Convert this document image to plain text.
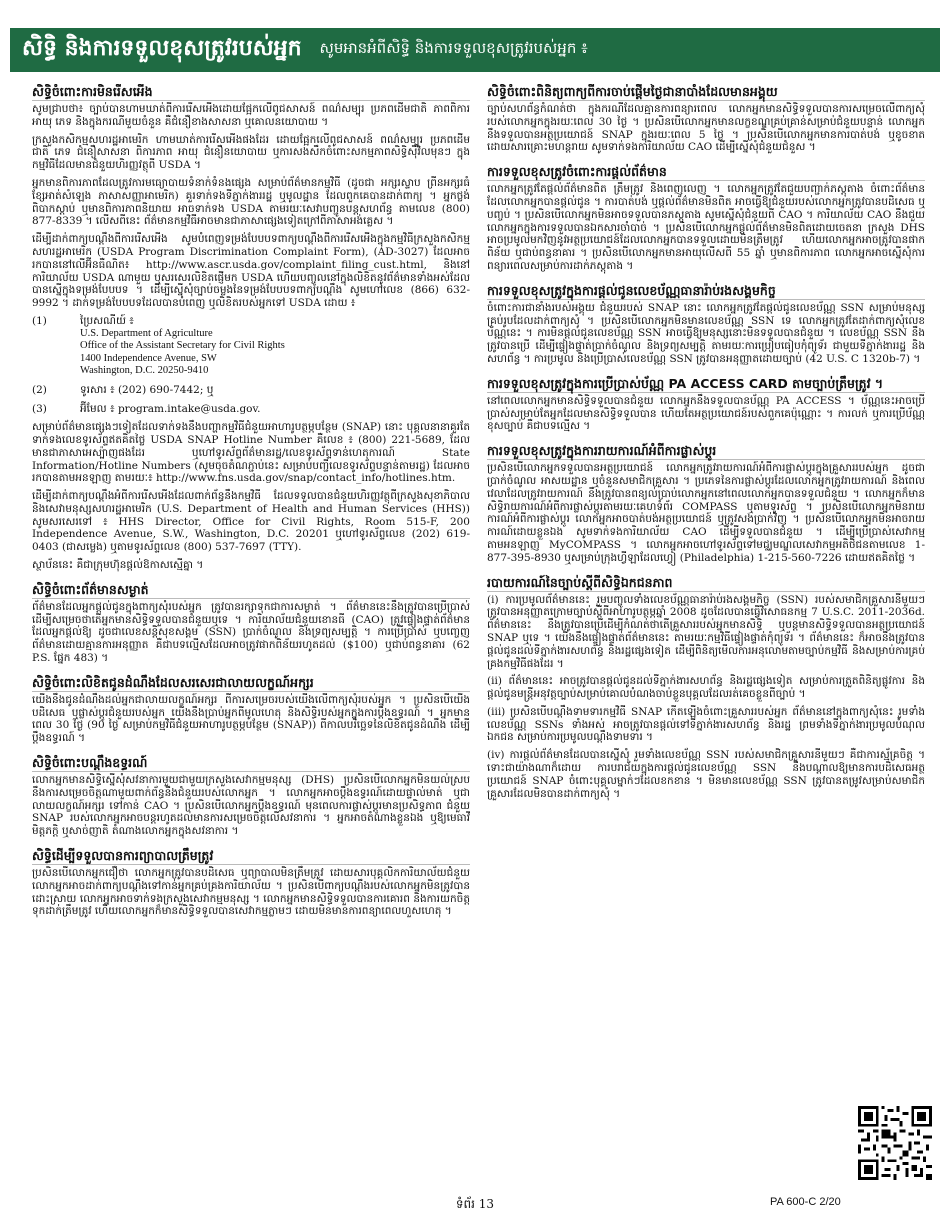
សិទ្ធិ និងការទទួលខុសត្រូវរបស់អ្នក សូមអានអំពីសិទ្ធិ និងការទទួលខុសត្រូវរបស់អ្នក ៖
សិទ្ធិចំពោះការមិនរើសអើង

សូមជ្រាបថា៖ ច្បាប់បានហាមឃាត់ពីការរើសអើងដោយផ្អែកលើពូជសាសន៍ ពណ៌សម្បុរ ប្រភពដើមជាតិ ភាពពិការ អាយុ ភេទ និងក្នុងករណីមួយចំនួន គឺជំនឿខាងសាសនា ឬគោលនយោបាយ ។

ក្រសួងកសិកម្មសហរដ្ឋអាមេរិក ហាមឃាត់ការរើសអើងផងដែរ ដោយផ្អែកលើពូជសាសន៍ ពណ៌សម្បុរ ប្រភពដើមជាតិ ភេទ ជំនឿសាសនា ពិការភាព អាយុ ជំនឿនយោបាយ ឬការសងសឹកចំពោះសកម្មភាពសិទ្ធិស៊ីវិលមុនៗ ក្នុងកម្មវិធីដែលមានជំនួយហិរញ្ញវត្ថុពី USDA ។

អ្នកមានពិការភាពដែលត្រូវការមធ្យោបាយទំនាក់ទំនងផ្សេង សម្រាប់ព័ត៌មានកម្មវិធី (ដូចជា អក្សរស្ទាប ព្រីនអក្សរធំ ខ្សែអាត់សំឡេង ភាសាសញ្ញាអាមេរិក) គួរទាក់ទងទីភ្នាក់ងាររដ្ឋ ឬមូលដ្ឋាន ដែលពួកគេបានដាក់ពាក្យ ។ អ្នកថ្លង់ ពិបាកស្តាប់ ឬមានពិការភាពនិយាយ អាចទាក់ទង USDA តាមរយៈសេវាបញ្ជូនបន្តសហព័ន្ធ តាមលេខ (800) 877-8339 ។ លើសពីនេះ ព័ត៌មានកម្មវិធីអាចមានជាភាសាផ្សេងទៀតក្រៅពីភាសាអង់គ្លេស ។

ដើម្បីដាក់ពាក្យបណ្តឹងពីការរើសអើង សូមបំពេញទម្រង់បែបបទពាក្យបណ្តឹងពីការរើសអើងក្នុងកម្មវិធីក្រសួងកសិកម្មសហរដ្ឋអាមេរិក (USDA Program Discrimination Complaint Form), (AD-3027) ដែលអាចរកបាននៅលើអ៊ីនធឺណិត៖ http://www.ascr.usda.gov/complaint_filing_cust.html, និងនៅការិយាល័យ USDA ណាមួយ ឬសរសេរលិខិតផ្ញើមក USDA ហើយបញ្ចូលនៅក្នុងលិខិតនូវព័ត៌មានទាំងអស់ដែលបានស្នើក្នុងទម្រង់បែបបទ ។ ដើម្បីស្នើសុំច្បាប់ចម្លងនៃទម្រង់បែបបទពាក្យបណ្តឹង សូមហៅលេខ (866) 632-9992 ។ ដាក់ទម្រង់បែបបទដែលបានបំពេញ ឬលិខិតរបស់អ្នកទៅ USDA ដោយ ៖

(1)	ប្រៃសណីយ៍ ៖
U.S. Department of Agriculture
Office of the Assistant Secretary for Civil Rights
1400 Independence Avenue, SW
Washington, D.C. 20250-9410
(2)	ទូរសារ ៖ (202) 690-7442; ឬ
(3)	អ៊ីមែល ៖ program.intake@usda.gov.

សម្រាប់ព័ត៌មានផ្សេងៗទៀតដែលទាក់ទងនឹងបញ្ហាកម្មវិធីជំនួយអាហារូបត្ថម្ភបន្ថែម (SNAP) នោះ បុគ្គលនានាគួរតែទាក់ទងលេខទូរស័ព្ទឥតគិតថ្លៃ USDA SNAP Hotline Number គឺលេខ ៖ (800) 221-5689, ដែលមានជាភាសាអេស្ប៉ាញផងដែរ ឬហៅទូរស័ព្ទព័ត៌មានរដ្ឋ/លេខទូរស័ព្ទទាន់ហេតុការណ៍ State Information/Hotline Numbers (សូមចុចតំណភ្ជាប់នេះ សម្រាប់បញ្ជីលេខទូរស័ព្ទបន្ទាន់តាមរដ្ឋ) ដែលអាចរកបានតាមអនឡាញ តាមរយៈ៖ http://www.fns.usda.gov/snap/contact_info/hotlines.htm.

ដើម្បីដាក់ពាក្យបណ្តឹងអំពីការរើសអើងដែលពាក់ព័ន្ធនឹងកម្មវិធី ដែលទទួលបានជំនួយហិរញ្ញវត្ថុពីក្រសួងសុខាភិបាល និងសេវាមនុស្សសហរដ្ឋអាមេរិក (U.S. Department of Health and Human Services (HHS)) សូមសរសេរទៅ ៖ HHS Director, Office for Civil Rights, Room 515-F, 200 Independence Avenue, S.W., Washington, D.C. 20201 ឬហៅទូរស័ព្ទលេខ (202) 619-0403 (ជាសម្លេង) ឬតាមទូរស័ព្ទលេខ (800) 537-7697 (TTY).

ស្ថាប័ននេះ គឺជាក្រុមហ៊ុនផ្តល់ឱកាសស្មើគ្នា ។

សិទ្ធិចំពោះព័ត៌មានសម្ងាត់

ព័ត៌មានដែលអ្នកផ្តល់ជូនក្នុងពាក្យសុំរបស់អ្នក ត្រូវបានរក្សាទុកជាការសម្ងាត់ ។ ព័ត៌មាននេះនឹងត្រូវបានប្រើប្រាស់ ដើម្បីសម្រេចថាតើអ្នកមានសិទ្ធិទទួលបានជំនួយឬទេ ។ ការិយាល័យជំនួយខោនធី (CAO) ត្រូវផ្ទៀងផ្ទាត់ព័ត៌មានដែលអ្នកផ្តល់ឱ្យ ដូចជាលេខសន្តិសុខសង្គម (SSN) ប្រាក់ចំណូល និងទ្រព្យសម្បត្តិ ។ ការប្រើប្រាស់ ឬបញ្ចេញព័ត៌មានដោយគ្មានការអនុញ្ញាត គឺជាបទល្មើសដែលអាចត្រូវផាកពិន័យរហូតដល់ ($100) ឬជាប់ពន្ធនាគារ (62 P.S. ផ្នែក 483) ។

សិទ្ធិចំពោះលិខិតជូនដំណឹងដែលសរសេរជាលាយលក្ខណ៍អក្សរ

យើងនឹងជូនដំណឹងដល់អ្នកជាលាយលក្ខណ៍អក្សរ ពីការសម្រេចរបស់យើងលើពាក្យសុំរបស់អ្នក ។ ប្រសិនបើយើងបដិសេធ ឬផ្លាស់ប្តូរជំនួយរបស់អ្នក យើងនឹងប្រាប់អ្នកពីមូលហេតុ និងសិទ្ធិរបស់អ្នកក្នុងការប្តឹងឧទ្ធរណ៍ ។ អ្នកមានពេល 30 ថ្ងៃ (90 ថ្ងៃ សម្រាប់កម្មវិធីជំនួយអាហារូបត្ថម្ភបន្ថែម (SNAP)) ពីកាលបរិច្ឆេទនៃលិខិតជូនដំណឹង ដើម្បីប្តឹងឧទ្ធរណ៍ ។

សិទ្ធិចំពោះបណ្តឹងឧទ្ធរណ៍

លោកអ្នកមានសិទ្ធិស្នើសុំសវនាការមួយជាមួយក្រសួងសេវាកម្មមនុស្ស (DHS) ប្រសិនបើលោកអ្នកមិនយល់ស្របនឹងការសម្រេចចិត្តណាមួយពាក់ព័ន្ធនឹងជំនួយរបស់លោកអ្នក ។ លោកអ្នកអាចប្តឹងឧទ្ធរណ៍ដោយផ្ទាល់មាត់ ឬជាលាយលក្ខណ៍អក្សរ ទៅកាន់ CAO ។ ប្រសិនបើលោកអ្នកប្តឹងឧទ្ធរណ៍ មុនពេលការផ្លាស់ប្តូរមានប្រសិទ្ធភាព ជំនួយ SNAP របស់លោកអ្នកអាចបន្តរហូតដល់មានការសម្រេចចិត្តលើសវនាការ ។ អ្នកអាចតំណាងខ្លួនឯង ឬឱ្យមេធាវី មិត្តភក្តិ ឬសាច់ញាតិ តំណាងលោកអ្នកក្នុងសវនាការ ។

សិទ្ធិដើម្បីទទួលបានការព្យាបាលត្រឹមត្រូវ

ប្រសិនបើលោកអ្នកជឿថា លោកអ្នកត្រូវបានបដិសេធ ឬព្យាបាលមិនត្រឹមត្រូវ ដោយសារបុគ្គលិកការិយាល័យជំនួយ លោកអ្នកអាចដាក់ពាក្យបណ្តឹងទៅកាន់អ្នកគ្រប់គ្រងការិយាល័យ ។ ប្រសិនបើពាក្យបណ្តឹងរបស់លោកអ្នកមិនត្រូវបានដោះស្រាយ លោកអ្នកអាចទាក់ទងក្រសួងសេវាកម្មមនុស្ស ។ លោកអ្នកមានសិទ្ធិទទួលបានការគោរព និងការយកចិត្តទុកដាក់ត្រឹមត្រូវ ហើយលោកអ្នកក៏មានសិទ្ធិទទួលបានសេវាកម្មភ្លាមៗ ដោយមិនមានការពន្យាពេលហួសហេតុ ។

សិទ្ធិចំពោះពិនិត្យពាក្យពីការចាប់ផ្តើមថ្ងៃជានាបាំងដែលមានអង្គុយ

ច្បាប់សហព័ន្ធកំណត់ថា ក្នុងករណីដែលគ្មានការពន្យារពេល លោកអ្នកមានសិទ្ធិទទួលបានការសម្រេចលើពាក្យសុំរបស់លោកអ្នកក្នុងរយៈពេល 30 ថ្ងៃ ។ ប្រសិនបើលោកអ្នកមានលក្ខខណ្ឌគ្រប់គ្រាន់សម្រាប់ជំនួយបន្ទាន់ លោកអ្នកនឹងទទួលបានអត្ថប្រយោជន៍ SNAP ក្នុងរយៈពេល 5 ថ្ងៃ ។ ប្រសិនបើលោកអ្នកមានការបាត់បង់ ឬខូចខាតដោយសារគ្រោះមហន្តរាយ សូមទាក់ទងការិយាល័យ CAO ដើម្បីស្នើសុំជំនួយជំនួស ។

ការទទួលខុសត្រូវចំពោះការផ្តល់ព័ត៌មាន

លោកអ្នកត្រូវតែផ្តល់ព័ត៌មានពិត ត្រឹមត្រូវ និងពេញលេញ ។ លោកអ្នកត្រូវតែជួយបញ្ជាក់ភស្តុតាង ចំពោះព័ត៌មានដែលលោកអ្នកបានផ្តល់ជូន ។ ការបាត់បង់ ឬផ្តល់ព័ត៌មានមិនពិត អាចធ្វើឱ្យជំនួយរបស់លោកអ្នកត្រូវបានបដិសេធ ឬបញ្ចប់ ។ ប្រសិនបើលោកអ្នកមិនអាចទទួលបានភស្តុតាង សូមស្នើសុំជំនួយពី CAO ។ ការិយាល័យ CAO នឹងជួយលោកអ្នកក្នុងការទទួលបានឯកសារចាំបាច់ ។ ប្រសិនបើលោកអ្នកផ្តល់ព័ត៌មានមិនពិតដោយចេតនា ក្រសួង DHS អាចប្រមូលមកវិញនូវអត្ថប្រយោជន៍ដែលលោកអ្នកបានទទួលដោយមិនត្រឹមត្រូវ ហើយលោកអ្នកអាចត្រូវបានផាកពិន័យ ឬជាប់ពន្ធនាគារ ។ ប្រសិនបើលោកអ្នកមានអាយុលើសពី 55 ឆ្នាំ ឬមានពិការភាព លោកអ្នកអាចស្នើសុំការពន្យារពេលសម្រាប់ការដាក់ភស្តុតាង ។

ការទទួលខុសត្រូវក្នុងការផ្តល់ជូនលេខប័ណ្ណធានារ៉ាប់រងសង្គមកិច្ច

ចំពោះការជានាំងរបស់អង្គុយ ជំនួយរបស់ SNAP នោះ លោកអ្នកត្រូវតែផ្តល់ជូនលេខប័ណ្ណ SSN សម្រាប់មនុស្សគ្រប់រូបដែលដាក់ពាក្យសុំ ។ ប្រសិនបើលោកអ្នកមិនមានលេខប័ណ្ណ SSN ទេ លោកអ្នកត្រូវតែដាក់ពាក្យសុំលេខប័ណ្ណនេះ ។ ការមិនផ្តល់ជូនលេខប័ណ្ណ SSN អាចធ្វើឱ្យមនុស្សនោះមិនទទួលបានជំនួយ ។ លេខប័ណ្ណ SSN នឹងត្រូវបានប្រើ ដើម្បីផ្ទៀងផ្ទាត់ប្រាក់ចំណូល និងទ្រព្យសម្បត្តិ តាមរយៈការប្រៀបធៀបកុំព្យូទ័រ ជាមួយទីភ្នាក់ងាររដ្ឋ និងសហព័ន្ធ ។ ការប្រមូល និងប្រើប្រាស់លេខប័ណ្ណ SSN ត្រូវបានអនុញ្ញាតដោយច្បាប់ (42 U.S. C 1320b-7) ។

ការទទួលខុសត្រូវក្នុងការប្រើប្រាស់ប័ណ្ណ PA ACCESS CARD តាមច្បាប់ត្រឹមត្រូវ ។

នៅពេលលោកអ្នកមានសិទ្ធិទទួលបានជំនួយ លោកអ្នកនឹងទទួលបានប័ណ្ណ PA ACCESS ។ ប័ណ្ណនេះអាចប្រើប្រាស់សម្រាប់តែអ្នកដែលមានសិទ្ធិទទួលបាន ហើយតែអត្ថប្រយោជន៍របស់ពួកគេប៉ុណ្ណោះ ។ ការលក់ ឬការប្រើប័ណ្ណខុសច្បាប់ គឺជាបទល្មើស ។

ការទទួលខុសត្រូវក្នុងការរាយការណ៍អំពីការផ្លាស់ប្តូរ

ប្រសិនបើលោកអ្នកទទួលបានអត្ថប្រយោជន៍ លោកអ្នកត្រូវរាយការណ៍អំពីការផ្លាស់ប្តូរក្នុងគ្រួសាររបស់អ្នក ដូចជាប្រាក់ចំណូល អាសយដ្ឋាន ឬចំនួនសមាជិកគ្រួសារ ។ ប្រភេទនៃការផ្លាស់ប្តូរដែលលោកអ្នកត្រូវរាយការណ៍ និងពេលវេលាដែលត្រូវរាយការណ៍ នឹងត្រូវបានពន្យល់ប្រាប់លោកអ្នកនៅពេលលោកអ្នកបានទទួលជំនួយ ។ លោកអ្នកក៏មានសិទ្ធិរាយការណ៍អំពីការផ្លាស់ប្តូរតាមរយៈគេហទំព័រ COMPASS ឬតាមទូរស័ព្ទ ។ ប្រសិនបើលោកអ្នកមិនរាយការណ៍អំពីការផ្លាស់ប្តូរ លោកអ្នកអាចបាត់បង់អត្ថប្រយោជន៍ ឬត្រូវសងប្រាក់វិញ ។ ប្រសិនបើលោកអ្នកមិនអាចរាយការណ៍ដោយខ្លួនឯង សូមទាក់ទងការិយាល័យ CAO ដើម្បីទទួលបានជំនួយ ។ ដើម្បីប្រើប្រាស់សេវាកម្មតាមអនឡាញ MyCOMPASS ។ លោកអ្នកអាចហៅទូរស័ព្ទទៅមជ្ឈមណ្ឌលសេវាកម្មអតិថិជនតាមលេខ 1-877-395-8930 ឬសម្រាប់ក្រុងហ្វីឡាដែលហ្វៀ (Philadelphia) 1-215-560-7226 ដោយឥតគិតថ្លៃ ។

របាយការណ៍នៃច្បាប់ស្តីពីសិទ្ធិឯកជនភាព

(i) ការប្រមូលព័ត៌មាននេះ រួមបញ្ចូលទាំងលេខប័ណ្ណធានារ៉ាប់រងសង្គមកិច្ច (SSN) របស់សមាជិកគ្រួសារនីមួយៗ ត្រូវបានអនុញ្ញាតក្រោមច្បាប់ស្តីពីអាហារូបត្ថម្ភឆ្នាំ 2008 ដូចដែលបានធ្វើវិសោធនកម្ម 7 U.S.C. 2011-2036d. ព័ត៌មាននេះ នឹងត្រូវបានប្រើដើម្បីកំណត់ថាតើគ្រួសាររបស់អ្នកមានសិទ្ធិ ឬបន្តមានសិទ្ធិទទួលបានអត្ថប្រយោជន៍ SNAP ឬទេ ។ យើងនឹងផ្ទៀងផ្ទាត់ព័ត៌មាននេះ តាមរយៈកម្មវិធីផ្ទៀងផ្ទាត់កុំព្យូទ័រ ។ ព័ត៌មាននេះ ក៏អាចនឹងត្រូវបានផ្តល់ជូនដល់ទីភ្នាក់ងារសហព័ន្ធ និងរដ្ឋផ្សេងទៀត ដើម្បីពិនិត្យមើលការអនុលោមតាមច្បាប់កម្មវិធី និងសម្រាប់ការគ្រប់គ្រងកម្មវិធីផងដែរ ។

(ii) ព័ត៌មាននេះ អាចត្រូវបានផ្តល់ជូនដល់ទីភ្នាក់ងារសហព័ន្ធ និងរដ្ឋផ្សេងទៀត សម្រាប់ការត្រួតពិនិត្យផ្លូវការ និងផ្តល់ជូនមន្ត្រីអនុវត្តច្បាប់សម្រាប់គោលបំណងចាប់ខ្លួនបុគ្គលដែលរត់គេចខ្លួនពីច្បាប់ ។

(iii) ប្រសិនបើបណ្តឹងទាមទារកម្មវិធី SNAP កើតឡើងចំពោះគ្រួសាររបស់អ្នក ព័ត៌មាននៅក្នុងពាក្យសុំនេះ រួមទាំងលេខប័ណ្ណ SSNs ទាំងអស់ អាចត្រូវបានផ្តល់ទៅទីភ្នាក់ងារសហព័ន្ធ និងរដ្ឋ ព្រមទាំងទីភ្នាក់ងារប្រមូលបំណុលឯកជន សម្រាប់ការប្រមូលបណ្តឹងទាមទារ ។

(iv) ការផ្តល់ព័ត៌មានដែលបានស្នើសុំ រួមទាំងលេខប័ណ្ណ SSN របស់សមាជិកគ្រួសារនីមួយៗ គឺជាការស្ម័គ្រចិត្ត ។ ទោះជាយ៉ាងណាក៏ដោយ ការបរាជ័យក្នុងការផ្តល់ជូនលេខប័ណ្ណ SSN នឹងបណ្តាលឱ្យមានការបដិសេធអត្ថប្រយោជន៍ SNAP ចំពោះបុគ្គលម្នាក់ៗដែលខកខាន ។ មិនមានលេខប័ណ្ណ SSN ត្រូវបានតម្រូវសម្រាប់សមាជិកគ្រួសារដែលមិនបានដាក់ពាក្យសុំ ។

ទំព័រ 13	PA 600-C 2/20
